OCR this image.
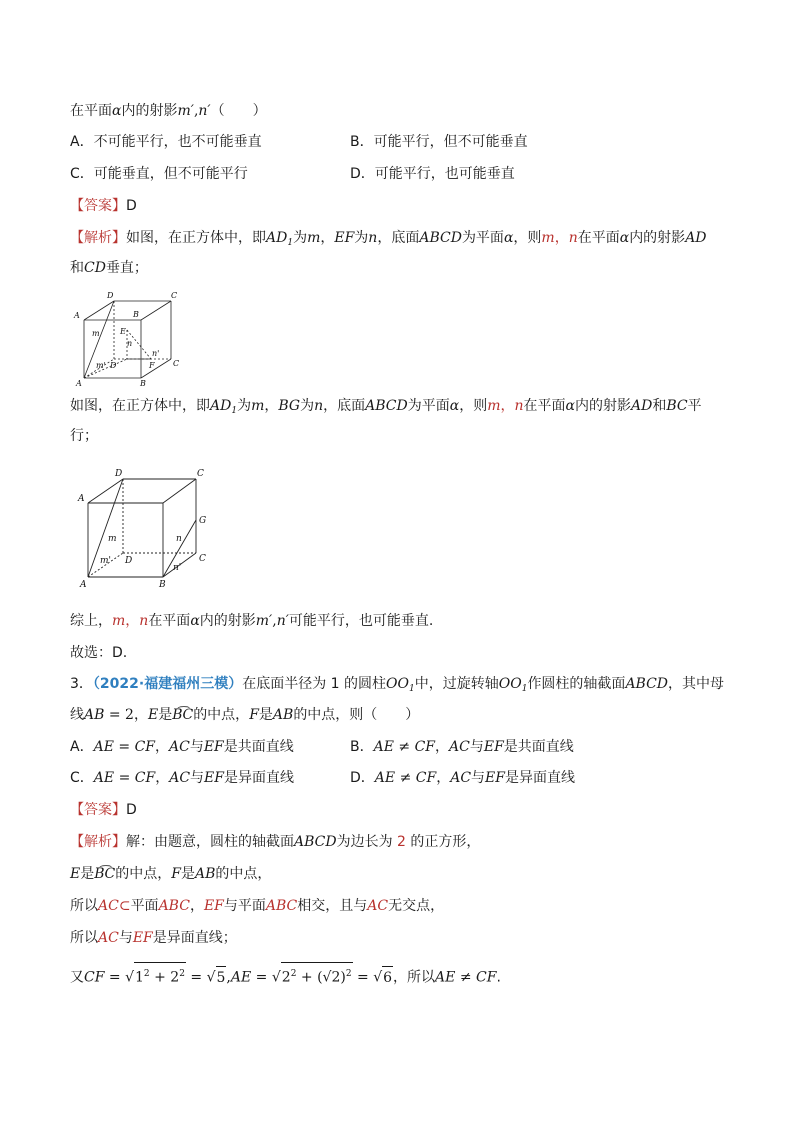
在平面α内的射影m′,n′（　　）
A．不可能平行，也不可能垂直	B．可能平行，但不可能垂直
C．可能垂直，但不可能平行	D．可能平行，也可能垂直
【答案】D
【解析】如图，在正方体中，即$AD_1$为m，EF为n，底面ABCD为平面α，则m，n在平面α内的射影AD
和CD垂直；
A
D	C
B
A	B
C
D
E
F
m
n
m'
n'
如图，在正方体中，即$AD_1$为m，BG为n，底面ABCD为平面α，则m，n在平面α内的射影AD和BC平
行；
A
D	C
G
C
A	B
D
m	n
m'
n'
综上，m，n在平面α内的射影m′,n′可能平行，也可能垂直.
故选：D.
3．（2022·福建福州三模）在底面半径为 1 的圆柱$OO_1$中，过旋转轴$OO_1$作圆柱的轴截面ABCD，其中母
线AB = 2，E是B͡C的中点，F是AB的中点，则（　　）
A．AE = CF，AC与EF是共面直线	B．AE ≠ CF，AC与EF是共面直线
C．AE = CF，AC与EF是异面直线	D．AE ≠ CF，AC与EF是异面直线
【答案】D
【解析】解：由题意，圆柱的轴截面ABCD为边长为 2 的正方形，
E是B͡C的中点，F是AB的中点，
所以AC⊂平面ABC，EF与平面ABC相交，且与AC无交点，
所以AC与EF是异面直线；
又CF = $√1^2 + 2^2 = √5,AE = √2^2 + (√2)^2 = √6$，所以AE ≠ CF.
